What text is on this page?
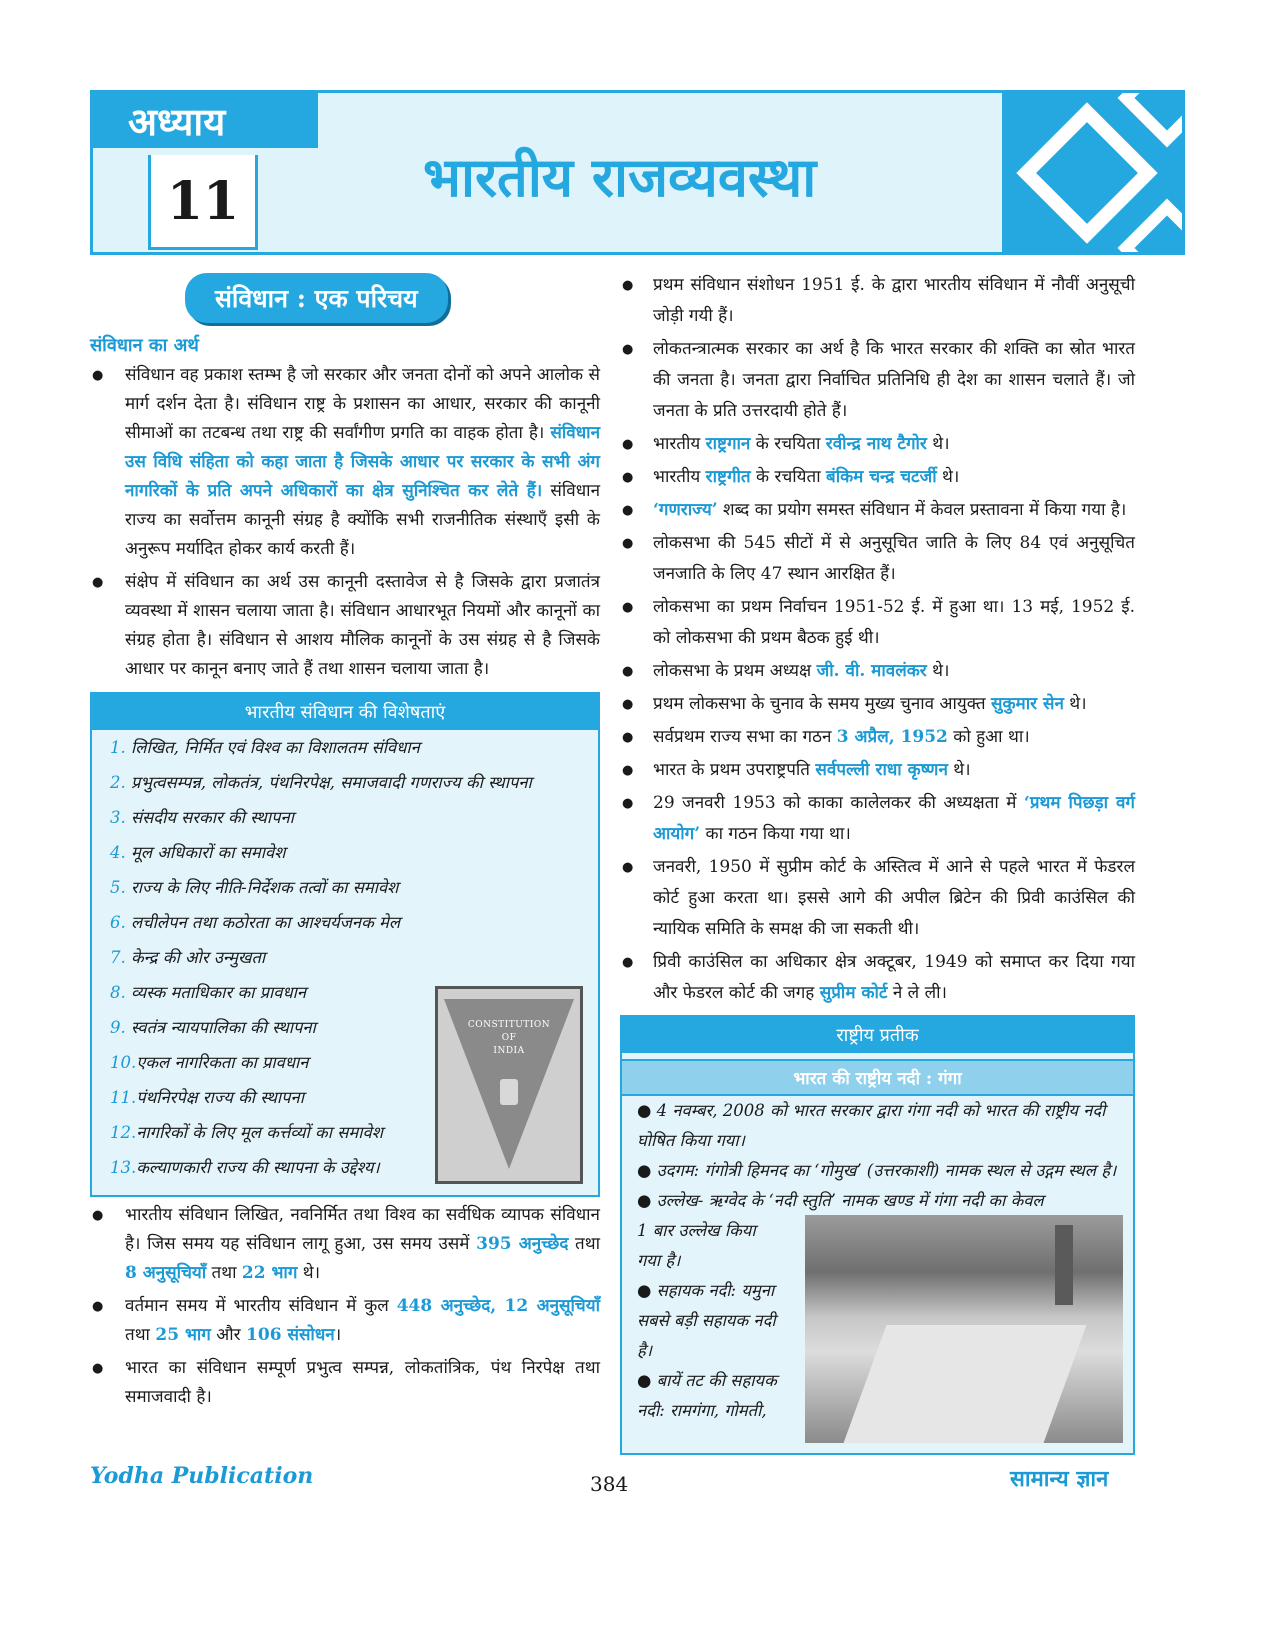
अध्याय
11	भारतीय राजव्यवस्था
संविधान : एक परिचय
संविधान का अर्थ
● संविधान वह प्रकाश स्तम्भ है जो सरकार और जनता दोनों को अपने आलोक से मार्ग दर्शन देता है। संविधान राष्ट्र के प्रशासन का आधार, सरकार की कानूनी सीमाओं का तटबन्ध तथा राष्ट्र की सर्वांगीण प्रगति का वाहक होता है। संविधान उस विधि संहिता को कहा जाता है जिसके आधार पर सरकार के सभी अंग नागरिकों के प्रति अपने अधिकारों का क्षेत्र सुनिश्चित कर लेते हैं। संविधान राज्य का सर्वोत्तम कानूनी संग्रह है क्योंकि सभी राजनीतिक संस्थाएँ इसी के अनुरूप मर्यादित होकर कार्य करती हैं।
● संक्षेप में संविधान का अर्थ उस कानूनी दस्तावेज से है जिसके द्वारा प्रजातंत्र व्यवस्था में शासन चलाया जाता है। संविधान आधारभूत नियमों और कानूनों का संग्रह होता है। संविधान से आशय मौलिक कानूनों के उस संग्रह से है जिसके आधार पर कानून बनाए जाते हैं तथा शासन चलाया जाता है।
भारतीय संविधान की विशेषताएं
1. लिखित, निर्मित एवं विश्व का विशालतम संविधान
2. प्रभुत्वसम्पन्न, लोकतंत्र, पंथनिरपेक्ष, समाजवादी गणराज्य की स्थापना
3. संसदीय सरकार की स्थापना
4. मूल अधिकारों का समावेश
5. राज्य के लिए नीति-निर्देशक तत्वों का समावेश
6. लचीलेपन तथा कठोरता का आश्चर्यजनक मेल
7. केन्द्र की ओर उन्मुखता
8. व्यस्क मताधिकार का प्रावधान
9. स्वतंत्र न्यायपालिका की स्थापना
10.एकल नागरिकता का प्रावधान
11.पंथनिरपेक्ष राज्य की स्थापना
12.नागरिकों के लिए मूल कर्त्तव्यों का समावेश
13.कल्याणकारी राज्य की स्थापना के उद्देश्य।
CONSTITUTION
OF
INDIA
● भारतीय संविधान लिखित, नवनिर्मित तथा विश्व का सर्वधिक व्यापक संविधान है। जिस समय यह संविधान लागू हुआ, उस समय उसमें 395 अनुच्छेद तथा 8 अनुसूचियाँ तथा 22 भाग थे।
● वर्तमान समय में भारतीय संविधान में कुल 448 अनुच्छेद, 12 अनुसूचियाँ तथा 25 भाग और 106 संसोधन।
● भारत का संविधान सम्पूर्ण प्रभुत्व सम्पन्न, लोकतांत्रिक, पंथ निरपेक्ष तथा समाजवादी है।
● प्रथम संविधान संशोधन 1951 ई. के द्वारा भारतीय संविधान में नौवीं अनुसूची जोड़ी गयी हैं।
● लोकतन्त्रात्मक सरकार का अर्थ है कि भारत सरकार की शक्ति का स्रोत भारत की जनता है। जनता द्वारा निर्वाचित प्रतिनिधि ही देश का शासन चलाते हैं। जो जनता के प्रति उत्तरदायी होते हैं।
● भारतीय राष्ट्रगान के रचयिता रवीन्द्र नाथ टैगोर थे।
● भारतीय राष्ट्रगीत के रचयिता बंकिम चन्द्र चटर्जी थे।
● ‘गणराज्य’ शब्द का प्रयोग समस्त संविधान में केवल प्रस्तावना में किया गया है।
● लोकसभा की 545 सीटों में से अनुसूचित जाति के लिए 84 एवं अनुसूचित जनजाति के लिए 47 स्थान आरक्षित हैं।
● लोकसभा का प्रथम निर्वाचन 1951-52 ई. में हुआ था। 13 मई, 1952 ई. को लोकसभा की प्रथम बैठक हुई थी।
● लोकसभा के प्रथम अध्यक्ष जी. वी. मावलंकर थे।
● प्रथम लोकसभा के चुनाव के समय मुख्य चुनाव आयुक्त सुकुमार सेन थे।
● सर्वप्रथम राज्य सभा का गठन 3 अप्रैल, 1952 को हुआ था।
● भारत के प्रथम उपराष्ट्रपति सर्वपल्ली राधा कृष्णन थे।
● 29 जनवरी 1953 को काका कालेलकर की अध्यक्षता में ‘प्रथम पिछड़ा वर्ग आयोग’ का गठन किया गया था।
● जनवरी, 1950 में सुप्रीम कोर्ट के अस्तित्व में आने से पहले भारत में फेडरल कोर्ट हुआ करता था। इससे आगे की अपील ब्रिटेन की प्रिवी काउंसिल की न्यायिक समिति के समक्ष की जा सकती थी।
● प्रिवी काउंसिल का अधिकार क्षेत्र अक्टूबर, 1949 को समाप्त कर दिया गया और फेडरल कोर्ट की जगह सुप्रीम कोर्ट ने ले ली।
राष्ट्रीय प्रतीक
भारत की राष्ट्रीय नदी : गंगा
● 4 नवम्बर, 2008 को भारत सरकार द्वारा गंगा नदी को भारत की राष्ट्रीय नदी घोषित किया गया।
● उदगम: गंगोत्री हिमनद का ‘गोमुख’ (उत्तरकाशी) नामक स्थल से उद्गम स्थल है।
● उल्लेख- ऋग्वेद के ‘नदी स्तुति’ नामक खण्ड में गंगा नदी का केवल
1 बार उल्लेख किया गया है।
● सहायक नदी: यमुना सबसे बड़ी सहायक नदी है।
● बायें तट की सहायक नदी: रामगंगा, गोमती,
Yodha Publication	384	सामान्य ज्ञान
